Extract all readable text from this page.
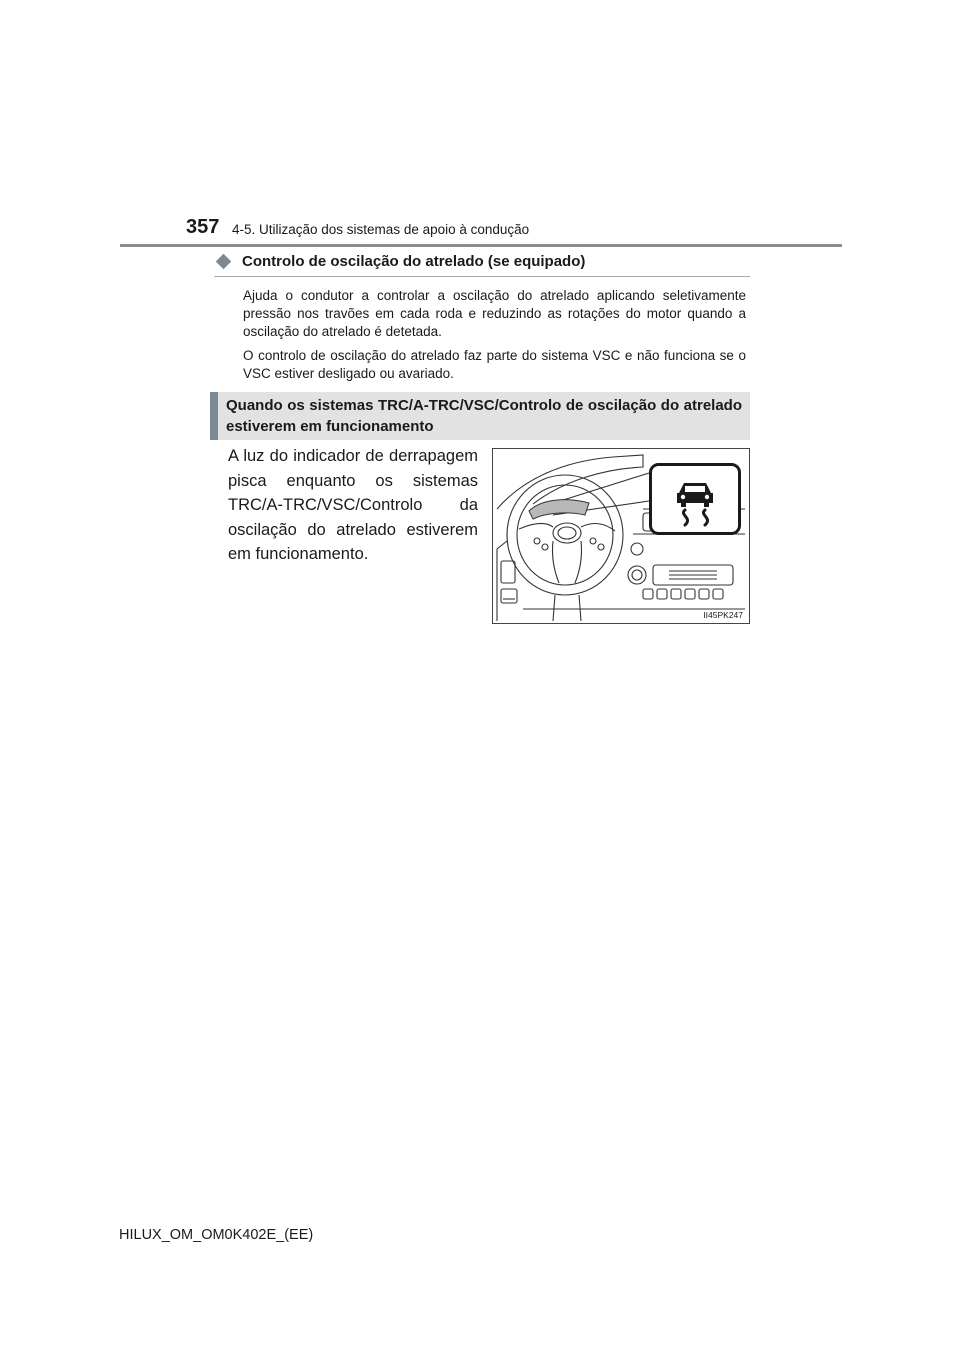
357 4-5. Utilização dos sistemas de apoio à condução
Controlo de oscilação do atrelado (se equipado)

Ajuda o condutor a controlar a oscilação do atrelado aplicando seletivamente pressão nos travões em cada roda e reduzindo as rotações do motor quando a oscilação do atrelado é detetada.

O controlo de oscilação do atrelado faz parte do sistema VSC e não funciona se o VSC estiver desligado ou avariado.

Quando os sistemas TRC/A-TRC/VSC/Controlo de oscilação do atrelado estiverem em funcionamento

A luz do indicador de derrapagem pisca enquanto os sistemas TRC/A-TRC/VSC/Controlo da oscilação do atrelado estiverem em funcionamento.

II45PK247
HILUX_OM_OM0K402E_(EE)
